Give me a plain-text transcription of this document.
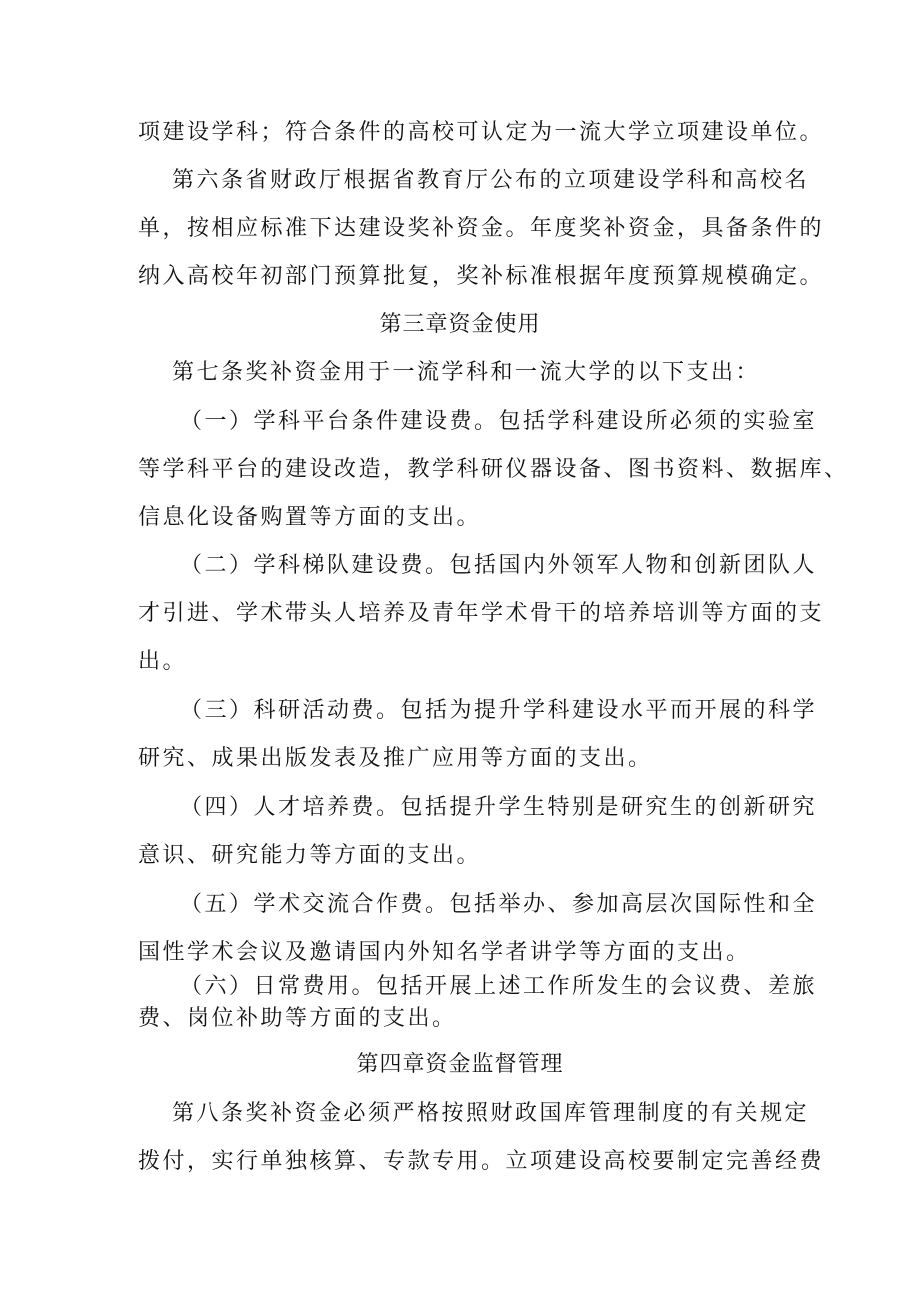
项建设学科；符合条件的高校可认定为一流大学立项建设单位。
第六条省财政厅根据省教育厅公布的立项建设学科和高校名
单，按相应标准下达建设奖补资金。年度奖补资金，具备条件的
纳入高校年初部门预算批复，奖补标准根据年度预算规模确定。
第三章资金使用
第七条奖补资金用于一流学科和一流大学的以下支出：
（一）学科平台条件建设费。包括学科建设所必须的实验室
等学科平台的建设改造，教学科研仪器设备、图书资料、数据库、
信息化设备购置等方面的支出。
（二）学科梯队建设费。包括国内外领军人物和创新团队人
才引进、学术带头人培养及青年学术骨干的培养培训等方面的支
出。
（三）科研活动费。包括为提升学科建设水平而开展的科学
研究、成果出版发表及推广应用等方面的支出。
（四）人才培养费。包括提升学生特别是研究生的创新研究
意识、研究能力等方面的支出。
（五）学术交流合作费。包括举办、参加高层次国际性和全
国性学术会议及邀请国内外知名学者讲学等方面的支出。
（六）日常费用。包括开展上述工作所发生的会议费、差旅
费、岗位补助等方面的支出。
第四章资金监督管理
第八条奖补资金必须严格按照财政国库管理制度的有关规定
拨付，实行单独核算、专款专用。立项建设高校要制定完善经费
